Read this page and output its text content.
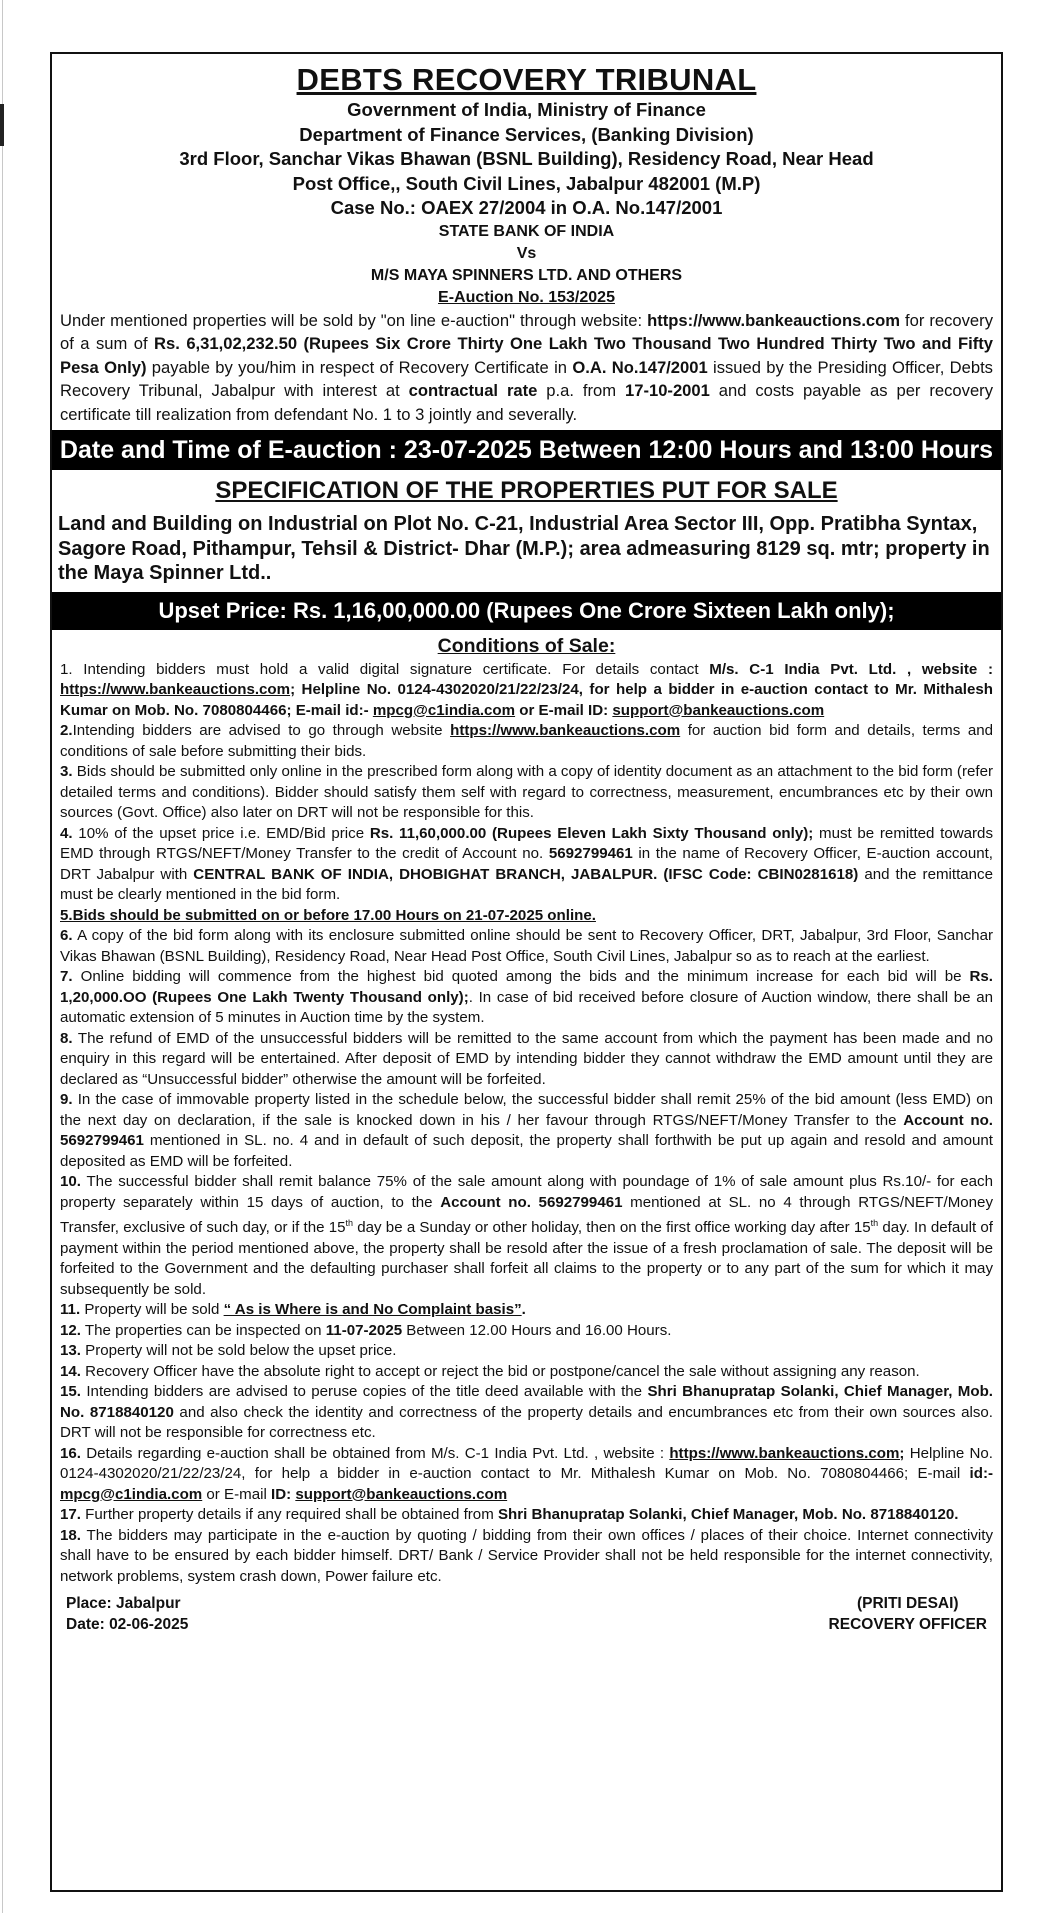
DEBTS RECOVERY TRIBUNAL
Government of India, Ministry of Finance
Department of Finance Services, (Banking Division)
3rd Floor, Sanchar Vikas Bhawan (BSNL Building), Residency Road, Near Head
Post Office,, South Civil Lines, Jabalpur 482001 (M.P)
Case No.: OAEX 27/2004 in O.A. No.147/2001
STATE BANK OF INDIA
Vs
M/S MAYA SPINNERS LTD. AND OTHERS
E-Auction No. 153/2025
Under mentioned properties will be sold by "on line e-auction" through website: https://www.bankeauctions.com for recovery of a sum of Rs. 6,31,02,232.50 (Rupees Six Crore Thirty One Lakh Two Thousand Two Hundred Thirty Two and Fifty Pesa Only) payable by you/him in respect of Recovery Certificate in O.A. No.147/2001 issued by the Presiding Officer, Debts Recovery Tribunal, Jabalpur with interest at contractual rate p.a. from 17-10-2001 and costs payable as per recovery certificate till realization from defendant No. 1 to 3 jointly and severally.
Date and Time of E-auction : 23-07-2025 Between 12:00 Hours and 13:00 Hours
SPECIFICATION OF THE PROPERTIES PUT FOR SALE
Land and Building on Industrial on Plot No. C-21, Industrial Area Sector III, Opp. Pratibha Syntax, Sagore Road, Pithampur, Tehsil & District- Dhar (M.P.); area admeasuring 8129 sq. mtr; property in the Maya Spinner Ltd..
Upset Price: Rs. 1,16,00,000.00 (Rupees One Crore Sixteen Lakh only);
Conditions of Sale:

1. Intending bidders must hold a valid digital signature certificate. For details contact M/s. C-1 India Pvt. Ltd. , website : https://www.bankeauctions.com; Helpline No. 0124-4302020/21/22/23/24, for help a bidder in e-auction contact to Mr. Mithalesh Kumar on Mob. No. 7080804466; E-mail id:- mpcg@c1india.com or E-mail ID: support@bankeauctions.com

2.Intending bidders are advised to go through website https://www.bankeauctions.com for auction bid form and details, terms and conditions of sale before submitting their bids.

3. Bids should be submitted only online in the prescribed form along with a copy of identity document as an attachment to the bid form (refer detailed terms and conditions). Bidder should satisfy them self with regard to correctness, measurement, encumbrances etc by their own sources (Govt. Office) also later on DRT will not be responsible for this.

4. 10% of the upset price i.e. EMD/Bid price Rs. 11,60,000.00 (Rupees Eleven Lakh Sixty Thousand only); must be remitted towards EMD through RTGS/NEFT/Money Transfer to the credit of Account no. 5692799461 in the name of Recovery Officer, E-auction account, DRT Jabalpur with CENTRAL BANK OF INDIA, DHOBIGHAT BRANCH, JABALPUR. (IFSC Code: CBIN0281618) and the remittance must be clearly mentioned in the bid form.

5.Bids should be submitted on or before 17.00 Hours on 21-07-2025 online.

6. A copy of the bid form along with its enclosure submitted online should be sent to Recovery Officer, DRT, Jabalpur, 3rd Floor, Sanchar Vikas Bhawan (BSNL Building), Residency Road, Near Head Post Office, South Civil Lines, Jabalpur so as to reach at the earliest.

7. Online bidding will commence from the highest bid quoted among the bids and the minimum increase for each bid will be Rs. 1,20,000.OO (Rupees One Lakh Twenty Thousand only);. In case of bid received before closure of Auction window, there shall be an automatic extension of 5 minutes in Auction time by the system.

8. The refund of EMD of the unsuccessful bidders will be remitted to the same account from which the payment has been made and no enquiry in this regard will be entertained. After deposit of EMD by intending bidder they cannot withdraw the EMD amount until they are declared as “Unsuccessful bidder” otherwise the amount will be forfeited.

9. In the case of immovable property listed in the schedule below, the successful bidder shall remit 25% of the bid amount (less EMD) on the next day on declaration, if the sale is knocked down in his / her favour through RTGS/NEFT/Money Transfer to the Account no. 5692799461 mentioned in SL. no. 4 and in default of such deposit, the property shall forthwith be put up again and resold and amount deposited as EMD will be forfeited.

10. The successful bidder shall remit balance 75% of the sale amount along with poundage of 1% of sale amount plus Rs.10/- for each property separately within 15 days of auction, to the Account no. 5692799461 mentioned at SL. no 4 through RTGS/NEFT/Money Transfer, exclusive of such day, or if the 15th day be a Sunday or other holiday, then on the first office working day after 15th day. In default of payment within the period mentioned above, the property shall be resold after the issue of a fresh proclamation of sale. The deposit will be forfeited to the Government and the defaulting purchaser shall forfeit all claims to the property or to any part of the sum for which it may subsequently be sold.

11. Property will be sold “ As is Where is and No Complaint basis”.

12. The properties can be inspected on 11-07-2025 Between 12.00 Hours and 16.00 Hours.

13. Property will not be sold below the upset price.

14. Recovery Officer have the absolute right to accept or reject the bid or postpone/cancel the sale without assigning any reason.

15. Intending bidders are advised to peruse copies of the title deed available with the Shri Bhanupratap Solanki, Chief Manager, Mob. No. 8718840120 and also check the identity and correctness of the property details and encumbrances etc from their own sources also. DRT will not be responsible for correctness etc.

16. Details regarding e-auction shall be obtained from M/s. C-1 India Pvt. Ltd. , website : https://www.bankeauctions.com; Helpline No. 0124-4302020/21/22/23/24, for help a bidder in e-auction contact to Mr. Mithalesh Kumar on Mob. No. 7080804466; E-mail id:- mpcg@c1india.com or E-mail ID: support@bankeauctions.com

17. Further property details if any required shall be obtained from Shri Bhanupratap Solanki, Chief Manager, Mob. No. 8718840120.

18. The bidders may participate in the e-auction by quoting / bidding from their own offices / places of their choice. Internet connectivity shall have to be ensured by each bidder himself. DRT/ Bank / Service Provider shall not be held responsible for the internet connectivity, network problems, system crash down, Power failure etc.

Place: Jabalpur
Date: 02-06-2025
(PRITI DESAI)
RECOVERY OFFICER
